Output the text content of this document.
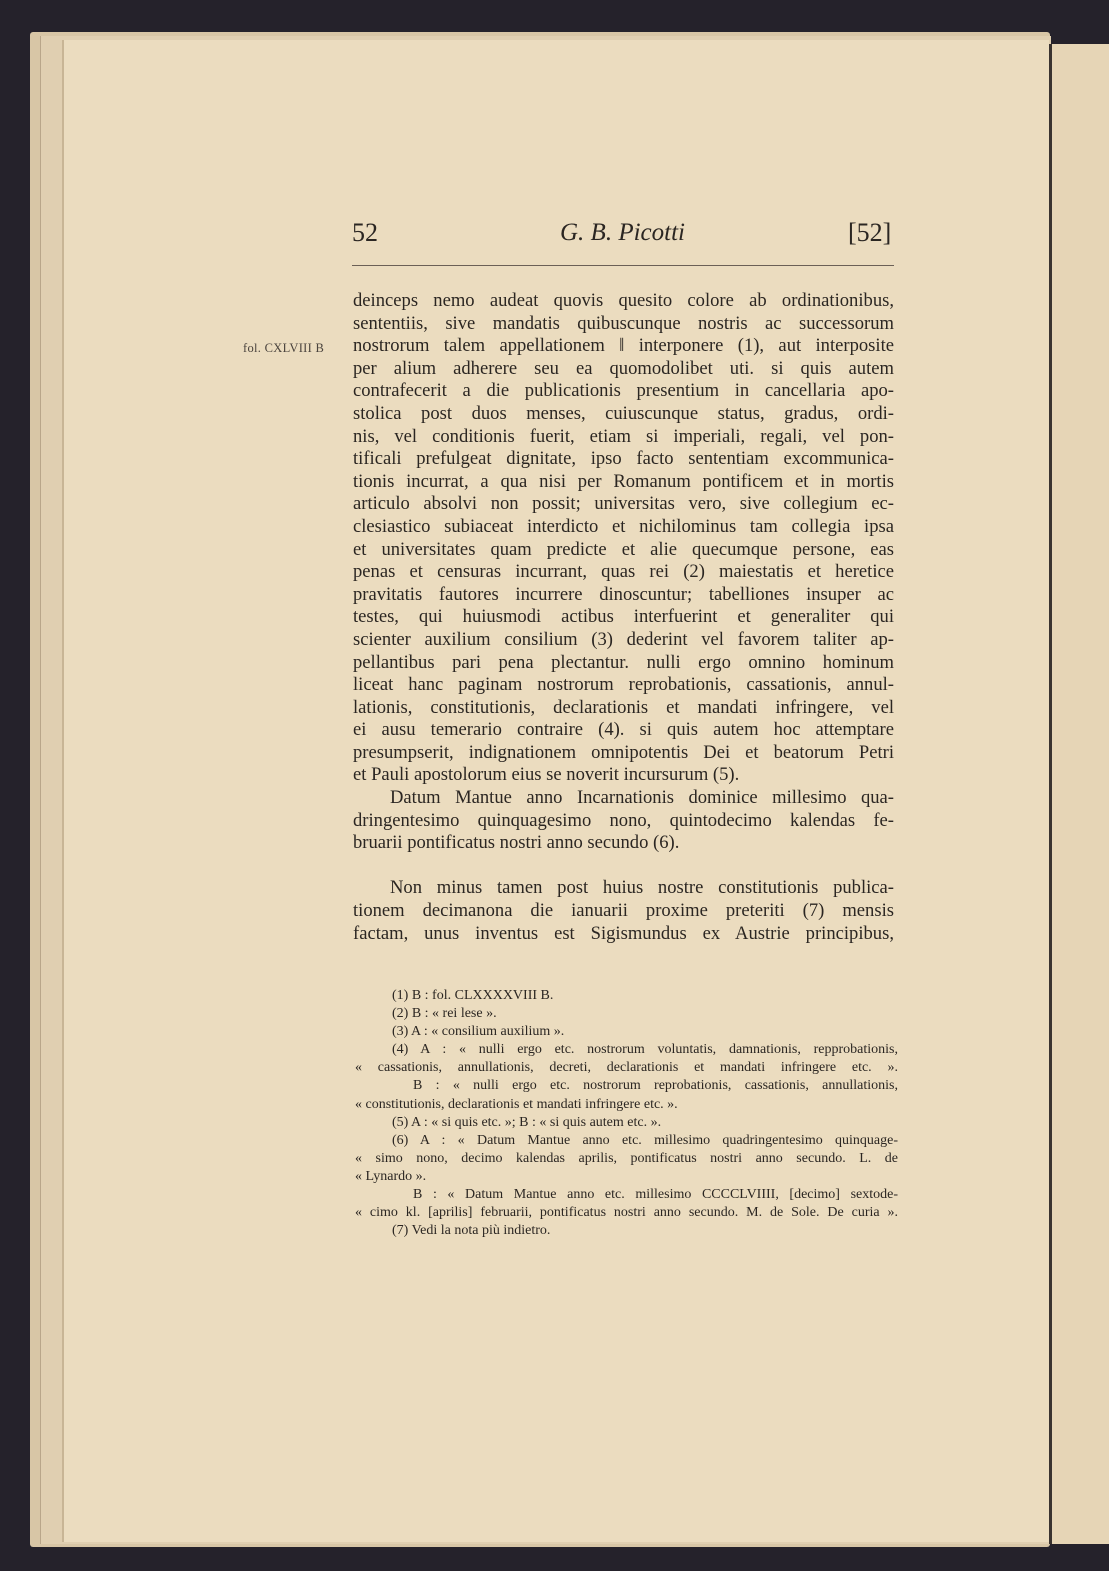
52	G. B. Picotti	[52]
fol. CXLVIII B
deinceps nemo audeat quovis quesito colore ab ordinationibus,
sententiis, sive mandatis quibuscunque nostris ac successorum
nostrorum talem appellationem ‖ interponere (1), aut interposite
per alium adherere seu ea quomodolibet uti. si quis autem
contrafecerit a die publicationis presentium in cancellaria apo-
stolica post duos menses, cuiuscunque status, gradus, ordi-
nis, vel conditionis fuerit, etiam si imperiali, regali, vel pon-
tificali prefulgeat dignitate, ipso facto sententiam excommunica-
tionis incurrat, a qua nisi per Romanum pontificem et in mortis
articulo absolvi non possit; universitas vero, sive collegium ec-
clesiastico subiaceat interdicto et nichilominus tam collegia ipsa
et universitates quam predicte et alie quecumque persone, eas
penas et censuras incurrant, quas rei (2) maiestatis et heretice
pravitatis fautores incurrere dinoscuntur; tabelliones insuper ac
testes, qui huiusmodi actibus interfuerint et generaliter qui
scienter auxilium consilium (3) dederint vel favorem taliter ap-
pellantibus pari pena plectantur. nulli ergo omnino hominum
liceat hanc paginam nostrorum reprobationis, cassationis, annul-
lationis, constitutionis, declarationis et mandati infringere, vel
ei ausu temerario contraire (4). si quis autem hoc attemptare
presumpserit, indignationem omnipotentis Dei et beatorum Petri
et Pauli apostolorum eius se noverit incursurum (5).
Datum Mantue anno Incarnationis dominice millesimo qua-
dringentesimo quinquagesimo nono, quintodecimo kalendas fe-
bruarii pontificatus nostri anno secundo (6).
Non minus tamen post huius nostre constitutionis publica-
tionem decimanona die ianuarii proxime preteriti (7) mensis
factam, unus inventus est Sigismundus ex Austrie principibus,
(1) B : fol. CLXXXXVIII B.
(2) B : « rei lese ».
(3) A : « consilium auxilium ».
(4) A : « nulli ergo etc. nostrorum voluntatis, damnationis, repprobationis,
« cassationis, annullationis, decreti, declarationis et mandati infringere etc. ».
B : « nulli ergo etc. nostrorum reprobationis, cassationis, annullationis,
« constitutionis, declarationis et mandati infringere etc. ».
(5) A : « si quis etc. »; B : « si quis autem etc. ».
(6) A : « Datum Mantue anno etc. millesimo quadringentesimo quinquage-
« simo nono, decimo kalendas aprilis, pontificatus nostri anno secundo. L. de
« Lynardo ».
B : « Datum Mantue anno etc. millesimo CCCCLVIIII, [decimo] sextode-
« cimo kl. [aprilis] februarii, pontificatus nostri anno secundo. M. de Sole. De curia ».
(7) Vedi la nota più indietro.
